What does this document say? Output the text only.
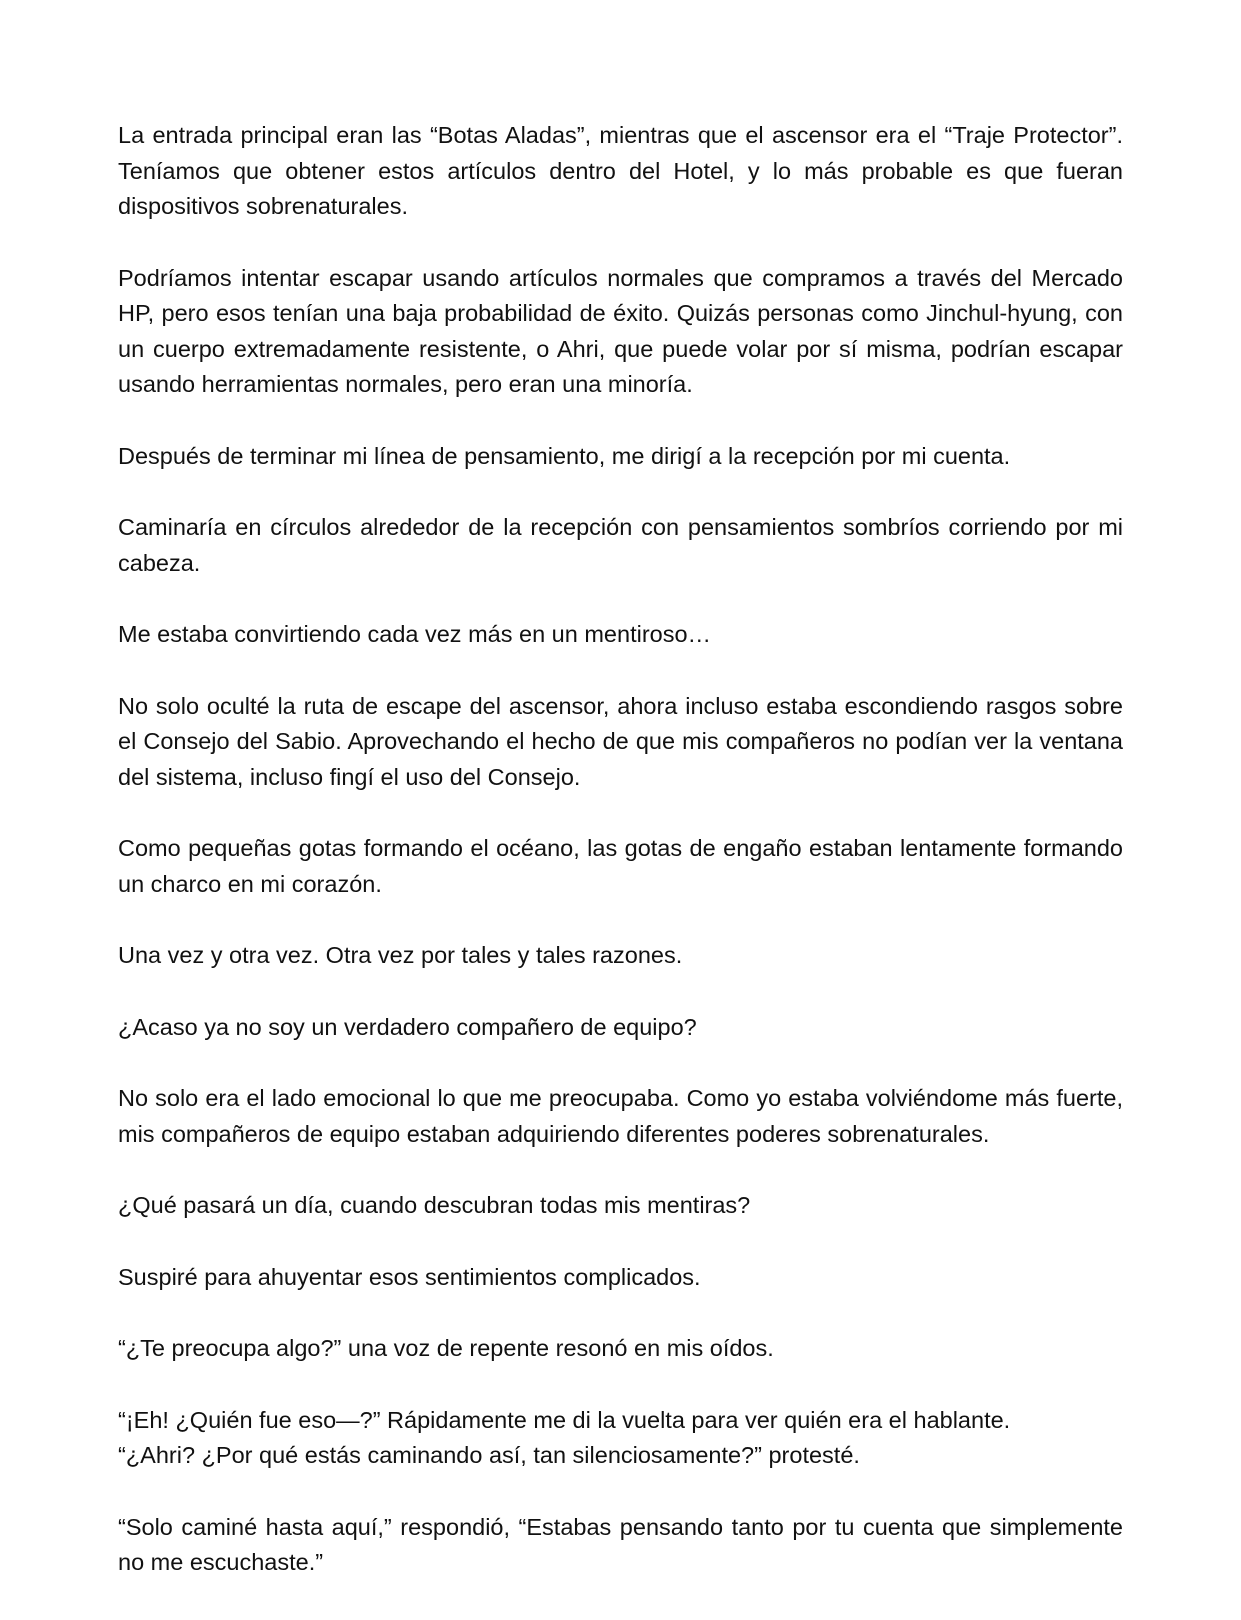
La entrada principal eran las “Botas Aladas”, mientras que el ascensor era el “Traje Protector”. Teníamos que obtener estos artículos dentro del Hotel, y lo más probable es que fueran dispositivos sobrenaturales.

Podríamos intentar escapar usando artículos normales que compramos a través del Mercado HP, pero esos tenían una baja probabilidad de éxito. Quizás personas como Jinchul-hyung, con un cuerpo extremadamente resistente, o Ahri, que puede volar por sí misma, podrían escapar usando herramientas normales, pero eran una minoría.

Después de terminar mi línea de pensamiento, me dirigí a la recepción por mi cuenta.

Caminaría en círculos alrededor de la recepción con pensamientos sombríos corriendo por mi cabeza.

Me estaba convirtiendo cada vez más en un mentiroso…

No solo oculté la ruta de escape del ascensor, ahora incluso estaba escondiendo rasgos sobre el Consejo del Sabio. Aprovechando el hecho de que mis compañeros no podían ver la ventana del sistema, incluso fingí el uso del Consejo.

Como pequeñas gotas formando el océano, las gotas de engaño estaban lentamente formando un charco en mi corazón.

Una vez y otra vez. Otra vez por tales y tales razones.

¿Acaso ya no soy un verdadero compañero de equipo?

No solo era el lado emocional lo que me preocupaba. Como yo estaba volviéndome más fuerte, mis compañeros de equipo estaban adquiriendo diferentes poderes sobrenaturales.

¿Qué pasará un día, cuando descubran todas mis mentiras?

Suspiré para ahuyentar esos sentimientos complicados.

“¿Te preocupa algo?” una voz de repente resonó en mis oídos.

“¡Eh! ¿Quién fue eso—?” Rápidamente me di la vuelta para ver quién era el hablante.

“¿Ahri? ¿Por qué estás caminando así, tan silenciosamente?” protesté.

“Solo caminé hasta aquí,” respondió, “Estabas pensando tanto por tu cuenta que simplemente no me escuchaste.”
